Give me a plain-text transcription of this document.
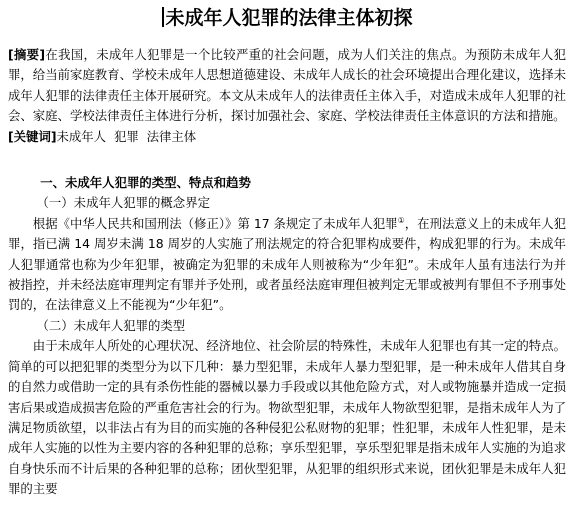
未成年人犯罪的法律主体初探

[摘要]在我国，未成年人犯罪是一个比较严重的社会问题，成为人们关注的焦点。为预防未成年人犯罪，给当前家庭教育、学校未成年人思想道德建设、未成年人成长的社会环境提出合理化建议，选择未成年人犯罪的法律责任主体开展研究。本文从未成年人的法律责任主体入手，对造成未成年人犯罪的社会、家庭、学校法律责任主体进行分析，探讨加强社会、家庭、学校法律责任主体意识的方法和措施。

[关键词]未成年人  犯罪  法律主体

一、未成年人犯罪的类型、特点和趋势

（一）未成年人犯罪的概念界定

根据《中华人民共和国刑法（修正）》第 17 条规定了未成年人犯罪①，在刑法意义上的未成年人犯罪，指已满 14 周岁未满 18 周岁的人实施了刑法规定的符合犯罪构成要件，构成犯罪的行为。未成年人犯罪通常也称为少年犯罪，被确定为犯罪的未成年人则被称为“少年犯”。未成年人虽有违法行为并被指控，并未经法庭审理判定有罪并予处刑，或者虽经法庭审理但被判定无罪或被判有罪但不予刑事处罚的，在法律意义上不能视为“少年犯”。

（二）未成年人犯罪的类型

由于未成年人所处的心理状况、经济地位、社会阶层的特殊性，未成年人犯罪也有其一定的特点。简单的可以把犯罪的类型分为以下几种：暴力型犯罪，未成年人暴力型犯罪，是一种未成年人借其自身的自然力或借助一定的具有杀伤性能的器械以暴力手段或以其他危险方式，对人或物施暴并造成一定损害后果或造成损害危险的严重危害社会的行为。物欲型犯罪，未成年人物欲型犯罪，是指未成年人为了满足物质欲望，以非法占有为目的而实施的各种侵犯公私财物的犯罪；性犯罪，未成年人性犯罪，是未成年人实施的以性为主要内容的各种犯罪的总称；享乐型犯罪，享乐型犯罪是指未成年人实施的为追求自身快乐而不计后果的各种犯罪的总称；团伙型犯罪，从犯罪的组织形式来说，团伙犯罪是未成年人犯罪的主要
